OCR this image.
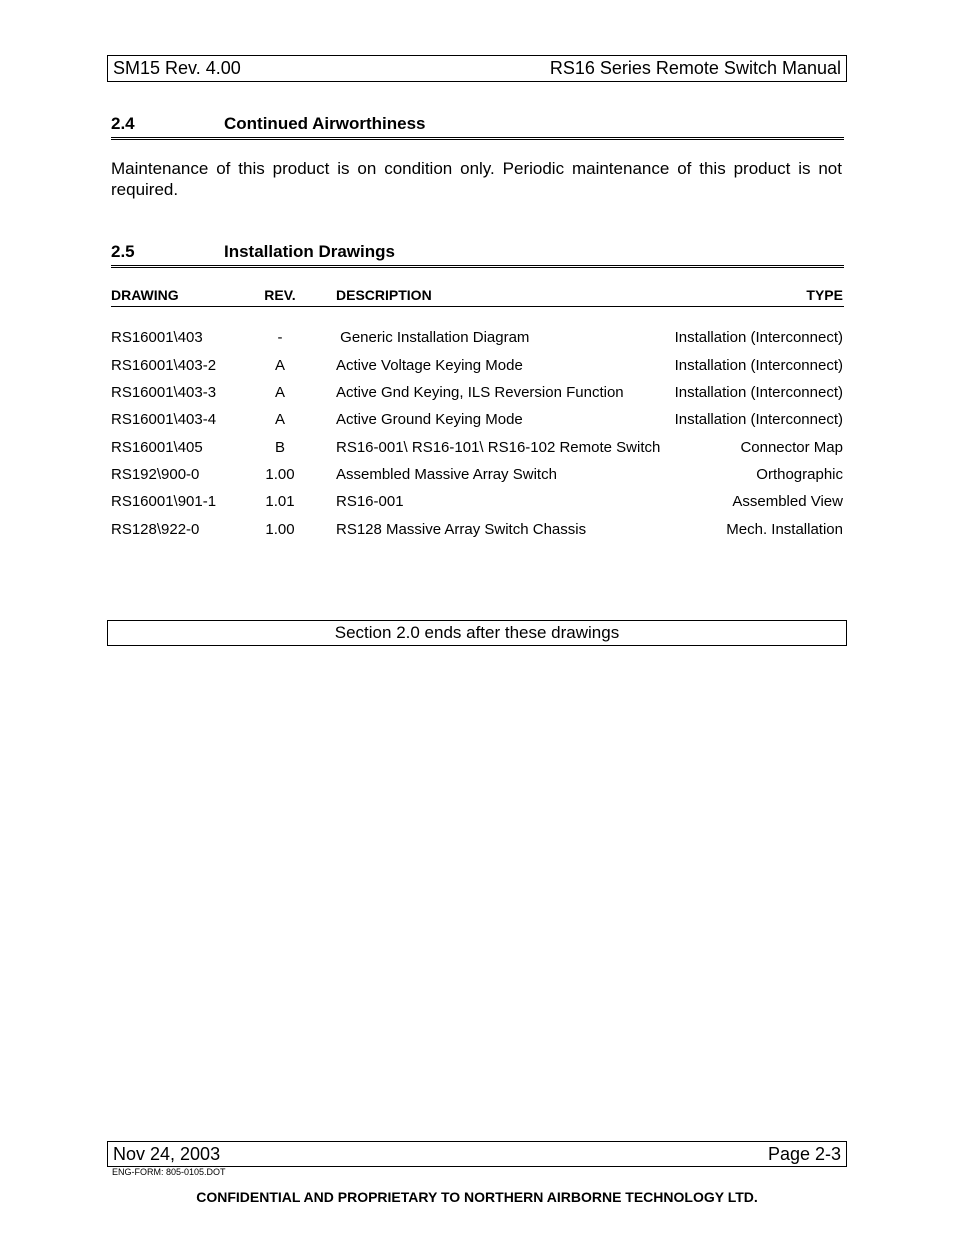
SM15 Rev. 4.00	RS16 Series Remote Switch Manual
2.4	Continued Airworthiness
Maintenance of this product is on condition only. Periodic maintenance of this product is not required.
2.5	Installation Drawings
DRAWING	REV.	DESCRIPTION	TYPE
RS16001\403	-	Generic Installation Diagram	Installation (Interconnect)
RS16001\403-2	A	Active Voltage Keying Mode	Installation (Interconnect)
RS16001\403-3	A	Active Gnd Keying, ILS Reversion Function	Installation (Interconnect)
RS16001\403-4	A	Active Ground Keying Mode	Installation (Interconnect)
RS16001\405	B	RS16-001\ RS16-101\ RS16-102 Remote Switch	Connector Map
RS192\900-0	1.00	Assembled Massive Array Switch	Orthographic
RS16001\901-1	1.01	RS16-001	Assembled View
RS128\922-0	1.00	RS128 Massive Array Switch Chassis	Mech. Installation
Section 2.0 ends after these drawings
Nov 24, 2003	Page 2-3
ENG-FORM: 805-0105.DOT
CONFIDENTIAL AND PROPRIETARY TO NORTHERN AIRBORNE TECHNOLOGY LTD.
